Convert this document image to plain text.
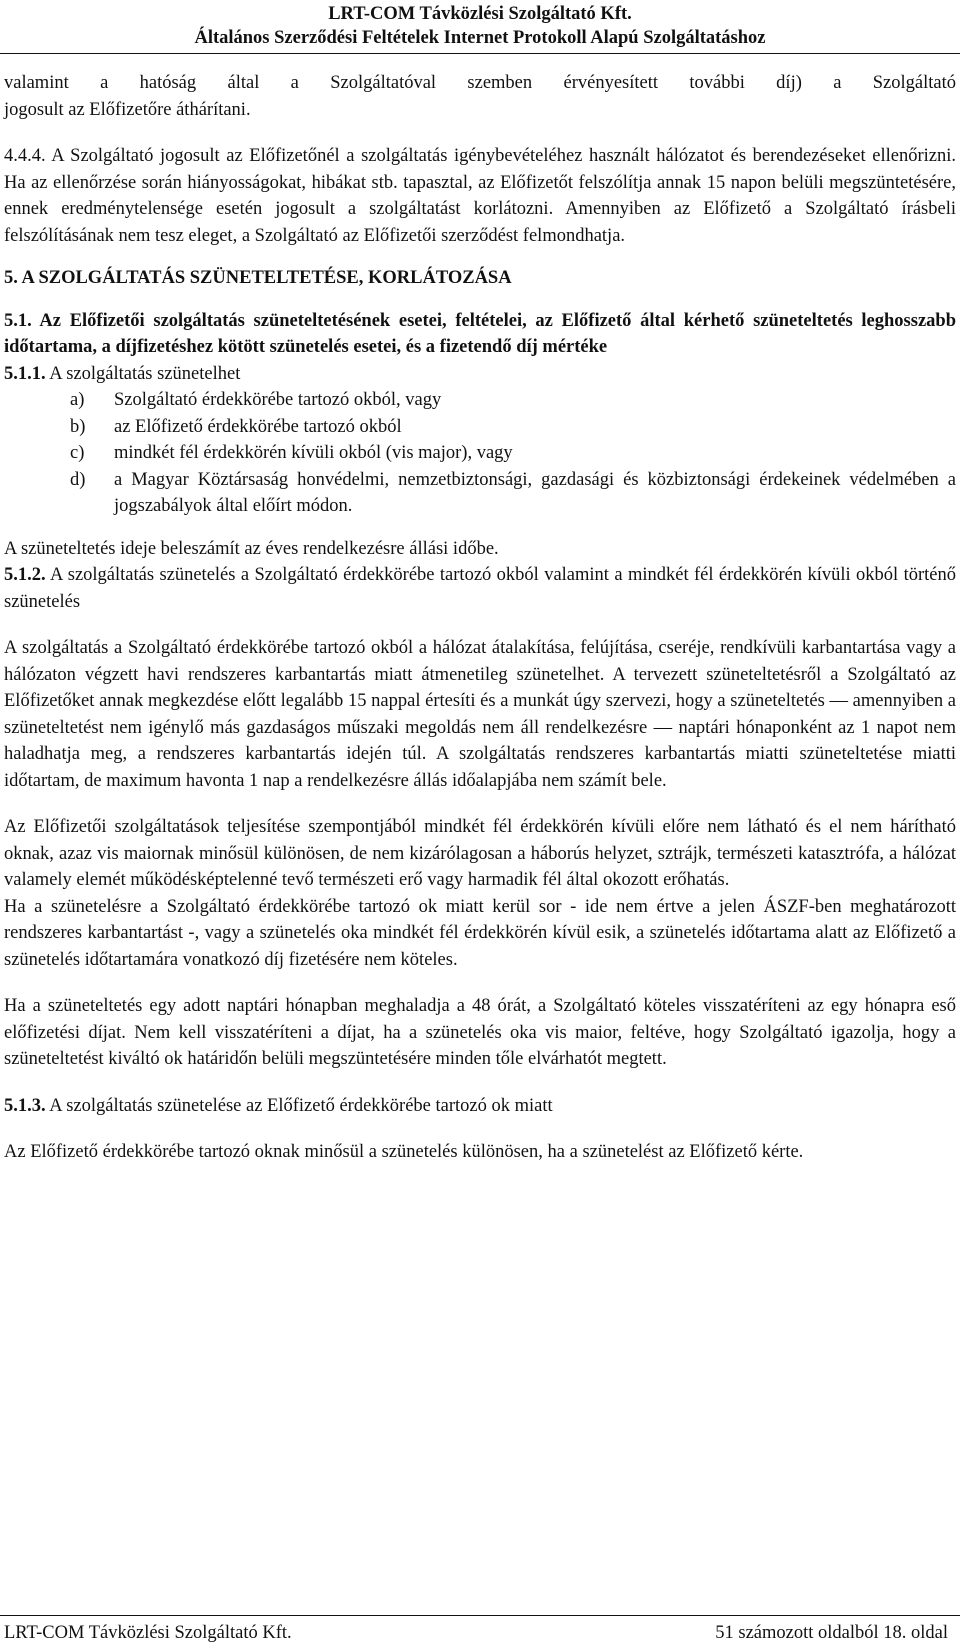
LRT-COM Távközlési Szolgáltató Kft.
Általános Szerződési Feltételek Internet Protokoll Alapú Szolgáltatáshoz

valamint a hatóság által a Szolgáltatóval szemben érvényesített további díj) a Szolgáltató

jogosult az Előfizetőre áthárítani.

4.4.4. A Szolgáltató jogosult az Előfizetőnél a szolgáltatás igénybevételéhez használt hálózatot és berendezéseket ellenőrizni. Ha az ellenőrzése során hiányosságokat, hibákat stb. tapasztal, az Előfizetőt felszólítja annak 15 napon belüli megszüntetésére, ennek eredménytelensége esetén jogosult a szolgáltatást korlátozni. Amennyiben az Előfizető a Szolgáltató írásbeli felszólításának nem tesz eleget, a Szolgáltató az Előfizetői szerződést felmondhatja.

5. A SZOLGÁLTATÁS SZÜNETELTETÉSE, KORLÁTOZÁSA

5.1. Az Előfizetői szolgáltatás szüneteltetésének esetei, feltételei, az Előfizető által kérhető szüneteltetés leghosszabb időtartama, a díjfizetéshez kötött szünetelés esetei, és a fizetendő díj mértéke

5.1.1. A szolgáltatás szünetelhet

a)	Szolgáltató érdekkörébe tartozó okból, vagy
b)	az Előfizető érdekkörébe tartozó okból
c)	mindkét fél érdekkörén kívüli okból (vis major), vagy
d)	a Magyar Köztársaság honvédelmi, nemzetbiztonsági, gazdasági és közbiztonsági érdekeinek védelmében a jogszabályok által előírt módon.

A szüneteltetés ideje beleszámít az éves rendelkezésre állási időbe.

5.1.2. A szolgáltatás szünetelés a Szolgáltató érdekkörébe tartozó okból valamint a mindkét fél érdekkörén kívüli okból történő szünetelés

A szolgáltatás a Szolgáltató érdekkörébe tartozó okból a hálózat átalakítása, felújítása, cseréje, rendkívüli karbantartása vagy a hálózaton végzett havi rendszeres karbantartás miatt átmenetileg szünetelhet. A tervezett szüneteltetésről a Szolgáltató az Előfizetőket annak megkezdése előtt legalább 15 nappal értesíti és a munkát úgy szervezi, hogy a szüneteltetés — amennyiben a szüneteltetést nem igénylő más gazdaságos műszaki megoldás nem áll rendelkezésre — naptári hónaponként az 1 napot nem haladhatja meg, a rendszeres karbantartás idején túl. A szolgáltatás rendszeres karbantartás miatti szüneteltetése miatti időtartam, de maximum havonta 1 nap a rendelkezésre állás időalapjába nem számít bele.

Az Előfizetői szolgáltatások teljesítése szempontjából mindkét fél érdekkörén kívüli előre nem látható és el nem hárítható oknak, azaz vis maiornak minősül különösen, de nem kizárólagosan a háborús helyzet, sztrájk, természeti katasztrófa, a hálózat valamely elemét működésképtelenné tevő természeti erő vagy harmadik fél által okozott erőhatás.

Ha a szünetelésre a Szolgáltató érdekkörébe tartozó ok miatt kerül sor - ide nem értve a jelen ÁSZF-ben meghatározott rendszeres karbantartást -, vagy a szünetelés oka mindkét fél érdekkörén kívül esik, a szünetelés időtartama alatt az Előfizető a szünetelés időtartamára vonatkozó díj fizetésére nem köteles.

Ha a szüneteltetés egy adott naptári hónapban meghaladja a 48 órát, a Szolgáltató köteles visszatéríteni az egy hónapra eső előfizetési díjat. Nem kell visszatéríteni a díjat, ha a szünetelés oka vis maior, feltéve, hogy Szolgáltató igazolja, hogy a szüneteltetést kiváltó ok határidőn belüli megszüntetésére minden tőle elvárhatót megtett.

5.1.3. A szolgáltatás szünetelése az Előfizető érdekkörébe tartozó ok miatt

Az Előfizető érdekkörébe tartozó oknak minősül a szünetelés különösen, ha a szünetelést az Előfizető kérte.

LRT-COM Távközlési Szolgáltató Kft.	51 számozott oldalból 18. oldal
